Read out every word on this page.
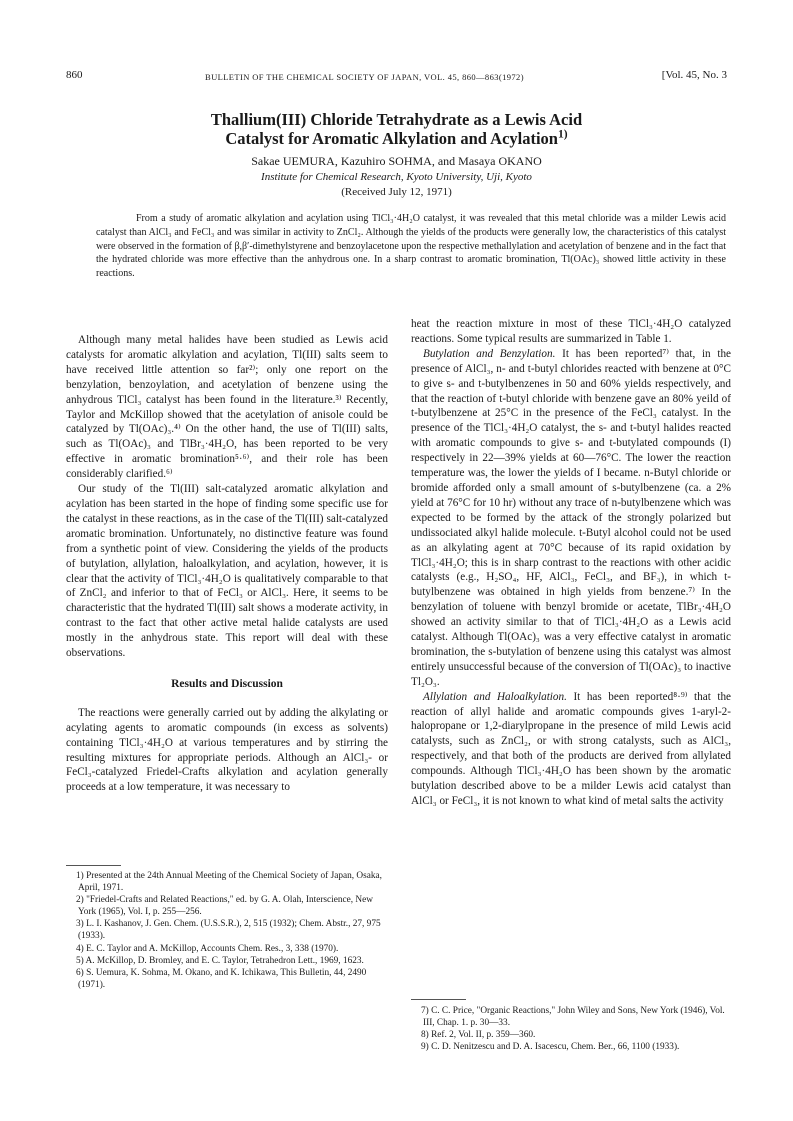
860	BULLETIN OF THE CHEMICAL SOCIETY OF JAPAN, VOL. 45, 860—863(1972)	[Vol. 45, No. 3
Thallium(III) Chloride Tetrahydrate as a Lewis Acid
Catalyst for Aromatic Alkylation and Acylation$^{1)}$
Sakae UEMURA, Kazuhiro SOHMA, and Masaya OKANO
Institute for Chemical Research, Kyoto University, Uji, Kyoto
(Received July 12, 1971)

From a study of aromatic alkylation and acylation using TlCl₃·4H₂O catalyst, it was revealed that this metal chloride was a milder Lewis acid catalyst than AlCl₃ and FeCl₃ and was similar in activity to ZnCl₂. Although the yields of the products were generally low, the characteristics of this catalyst were observed in the formation of β,β′-dimethylstyrene and benzoylacetone upon the respective methallylation and acetylation of benzene and in the fact that the hydrated chloride was more effective than the anhydrous one. In a sharp contrast to aromatic bromination, Tl(OAc)₃ showed little activity in these reactions.

Although many metal halides have been studied as Lewis acid catalysts for aromatic alkylation and acylation, Tl(III) salts seem to have received little attention so far²⁾; only one report on the benzylation, benzoylation, and acetylation of benzene using the anhydrous TlCl₃ catalyst has been found in the literature.³⁾ Recently, Taylor and McKillop showed that the acetylation of anisole could be catalyzed by Tl(OAc)₃.⁴⁾ On the other hand, the use of Tl(III) salts, such as Tl(OAc)₃ and TlBr₃·4H₂O, has been reported to be very effective in aromatic bromination⁵·⁶⁾, and their role has been considerably clarified.⁶⁾

Our study of the Tl(III) salt-catalyzed aromatic alkylation and acylation has been started in the hope of finding some specific use for the catalyst in these reactions, as in the case of the Tl(III) salt-catalyzed aromatic bromination. Unfortunately, no distinctive feature was found from a synthetic point of view. Considering the yields of the products of butylation, allylation, haloalkylation, and acylation, however, it is clear that the activity of TlCl₃·4H₂O is qualitatively comparable to that of ZnCl₂ and inferior to that of FeCl₃ or AlCl₃. Here, it seems to be characteristic that the hydrated Tl(III) salt shows a moderate activity, in contrast to the fact that other active metal halide catalysts are used mostly in the anhydrous state. This report will deal with these observations.

Results and Discussion

The reactions were generally carried out by adding the alkylating or acylating agents to aromatic compounds (in excess as solvents) containing TlCl₃·4H₂O at various temperatures and by stirring the resulting mixtures for appropriate periods. Although an AlCl₃- or FeCl₃-catalyzed Friedel-Crafts alkylation and acylation generally proceeds at a low temperature, it was necessary to

heat the reaction mixture in most of these TlCl₃·4H₂O catalyzed reactions. Some typical results are summarized in Table 1.

Butylation and Benzylation. It has been reported⁷⁾ that, in the presence of AlCl₃, n- and t-butyl chlorides reacted with benzene at 0°C to give s- and t-butylbenzenes in 50 and 60% yields respectively, and that the reaction of t-butyl chloride with benzene gave an 80% yeild of t-butylbenzene at 25°C in the presence of the FeCl₃ catalyst. In the presence of the TlCl₃·4H₂O catalyst, the s- and t-butyl halides reacted with aromatic compounds to give s- and t-butylated compounds (I) respectively in 22—39% yields at 60—76°C. The lower the reaction temperature was, the lower the yields of I became. n-Butyl chloride or bromide afforded only a small amount of s-butylbenzene (ca. a 2% yield at 76°C for 10 hr) without any trace of n-butylbenzene which was expected to be formed by the attack of the strongly polarized but undissociated alkyl halide molecule. t-Butyl alcohol could not be used as an alkylating agent at 70°C because of its rapid oxidation by TlCl₃·4H₂O; this is in sharp contrast to the reactions with other acidic catalysts (e.g., H₂SO₄, HF, AlCl₃, FeCl₃, and BF₃), in which t-butylbenzene was obtained in high yields from benzene.⁷⁾ In the benzylation of toluene with benzyl bromide or acetate, TlBr₃·4H₂O showed an activity similar to that of TlCl₃·4H₂O as a Lewis acid catalyst. Although Tl(OAc)₃ was a very effective catalyst in aromatic bromination, the s-butylation of benzene using this catalyst was almost entirely unsuccessful because of the conversion of Tl(OAc)₃ to inactive Tl₂O₃.

Allylation and Haloalkylation. It has been reported⁸·⁹⁾ that the reaction of allyl halide and aromatic compounds gives 1-aryl-2-halopropane or 1,2-diarylpropane in the presence of mild Lewis acid catalysts, such as ZnCl₂, or with strong catalysts, such as AlCl₃, respectively, and that both of the products are derived from allylated compounds. Although TlCl₃·4H₂O has been shown by the aromatic butylation described above to be a milder Lewis acid catalyst than AlCl₃ or FeCl₃, it is not known to what kind of metal salts the activity

1) Presented at the 24th Annual Meeting of the Chemical Society of Japan, Osaka, April, 1971.

2) "Friedel-Crafts and Related Reactions," ed. by G. A. Olah, Interscience, New York (1965), Vol. I, p. 255—256.

3) L. I. Kashanov, J. Gen. Chem. (U.S.S.R.), 2, 515 (1932); Chem. Abstr., 27, 975 (1933).

4) E. C. Taylor and A. McKillop, Accounts Chem. Res., 3, 338 (1970).

5) A. McKillop, D. Bromley, and E. C. Taylor, Tetrahedron Lett., 1969, 1623.

6) S. Uemura, K. Sohma, M. Okano, and K. Ichikawa, This Bulletin, 44, 2490 (1971).

7) C. C. Price, "Organic Reactions," John Wiley and Sons, New York (1946), Vol. III, Chap. 1. p. 30—33.

8) Ref. 2, Vol. II, p. 359—360.

9) C. D. Nenitzescu and D. A. Isacescu, Chem. Ber., 66, 1100 (1933).
